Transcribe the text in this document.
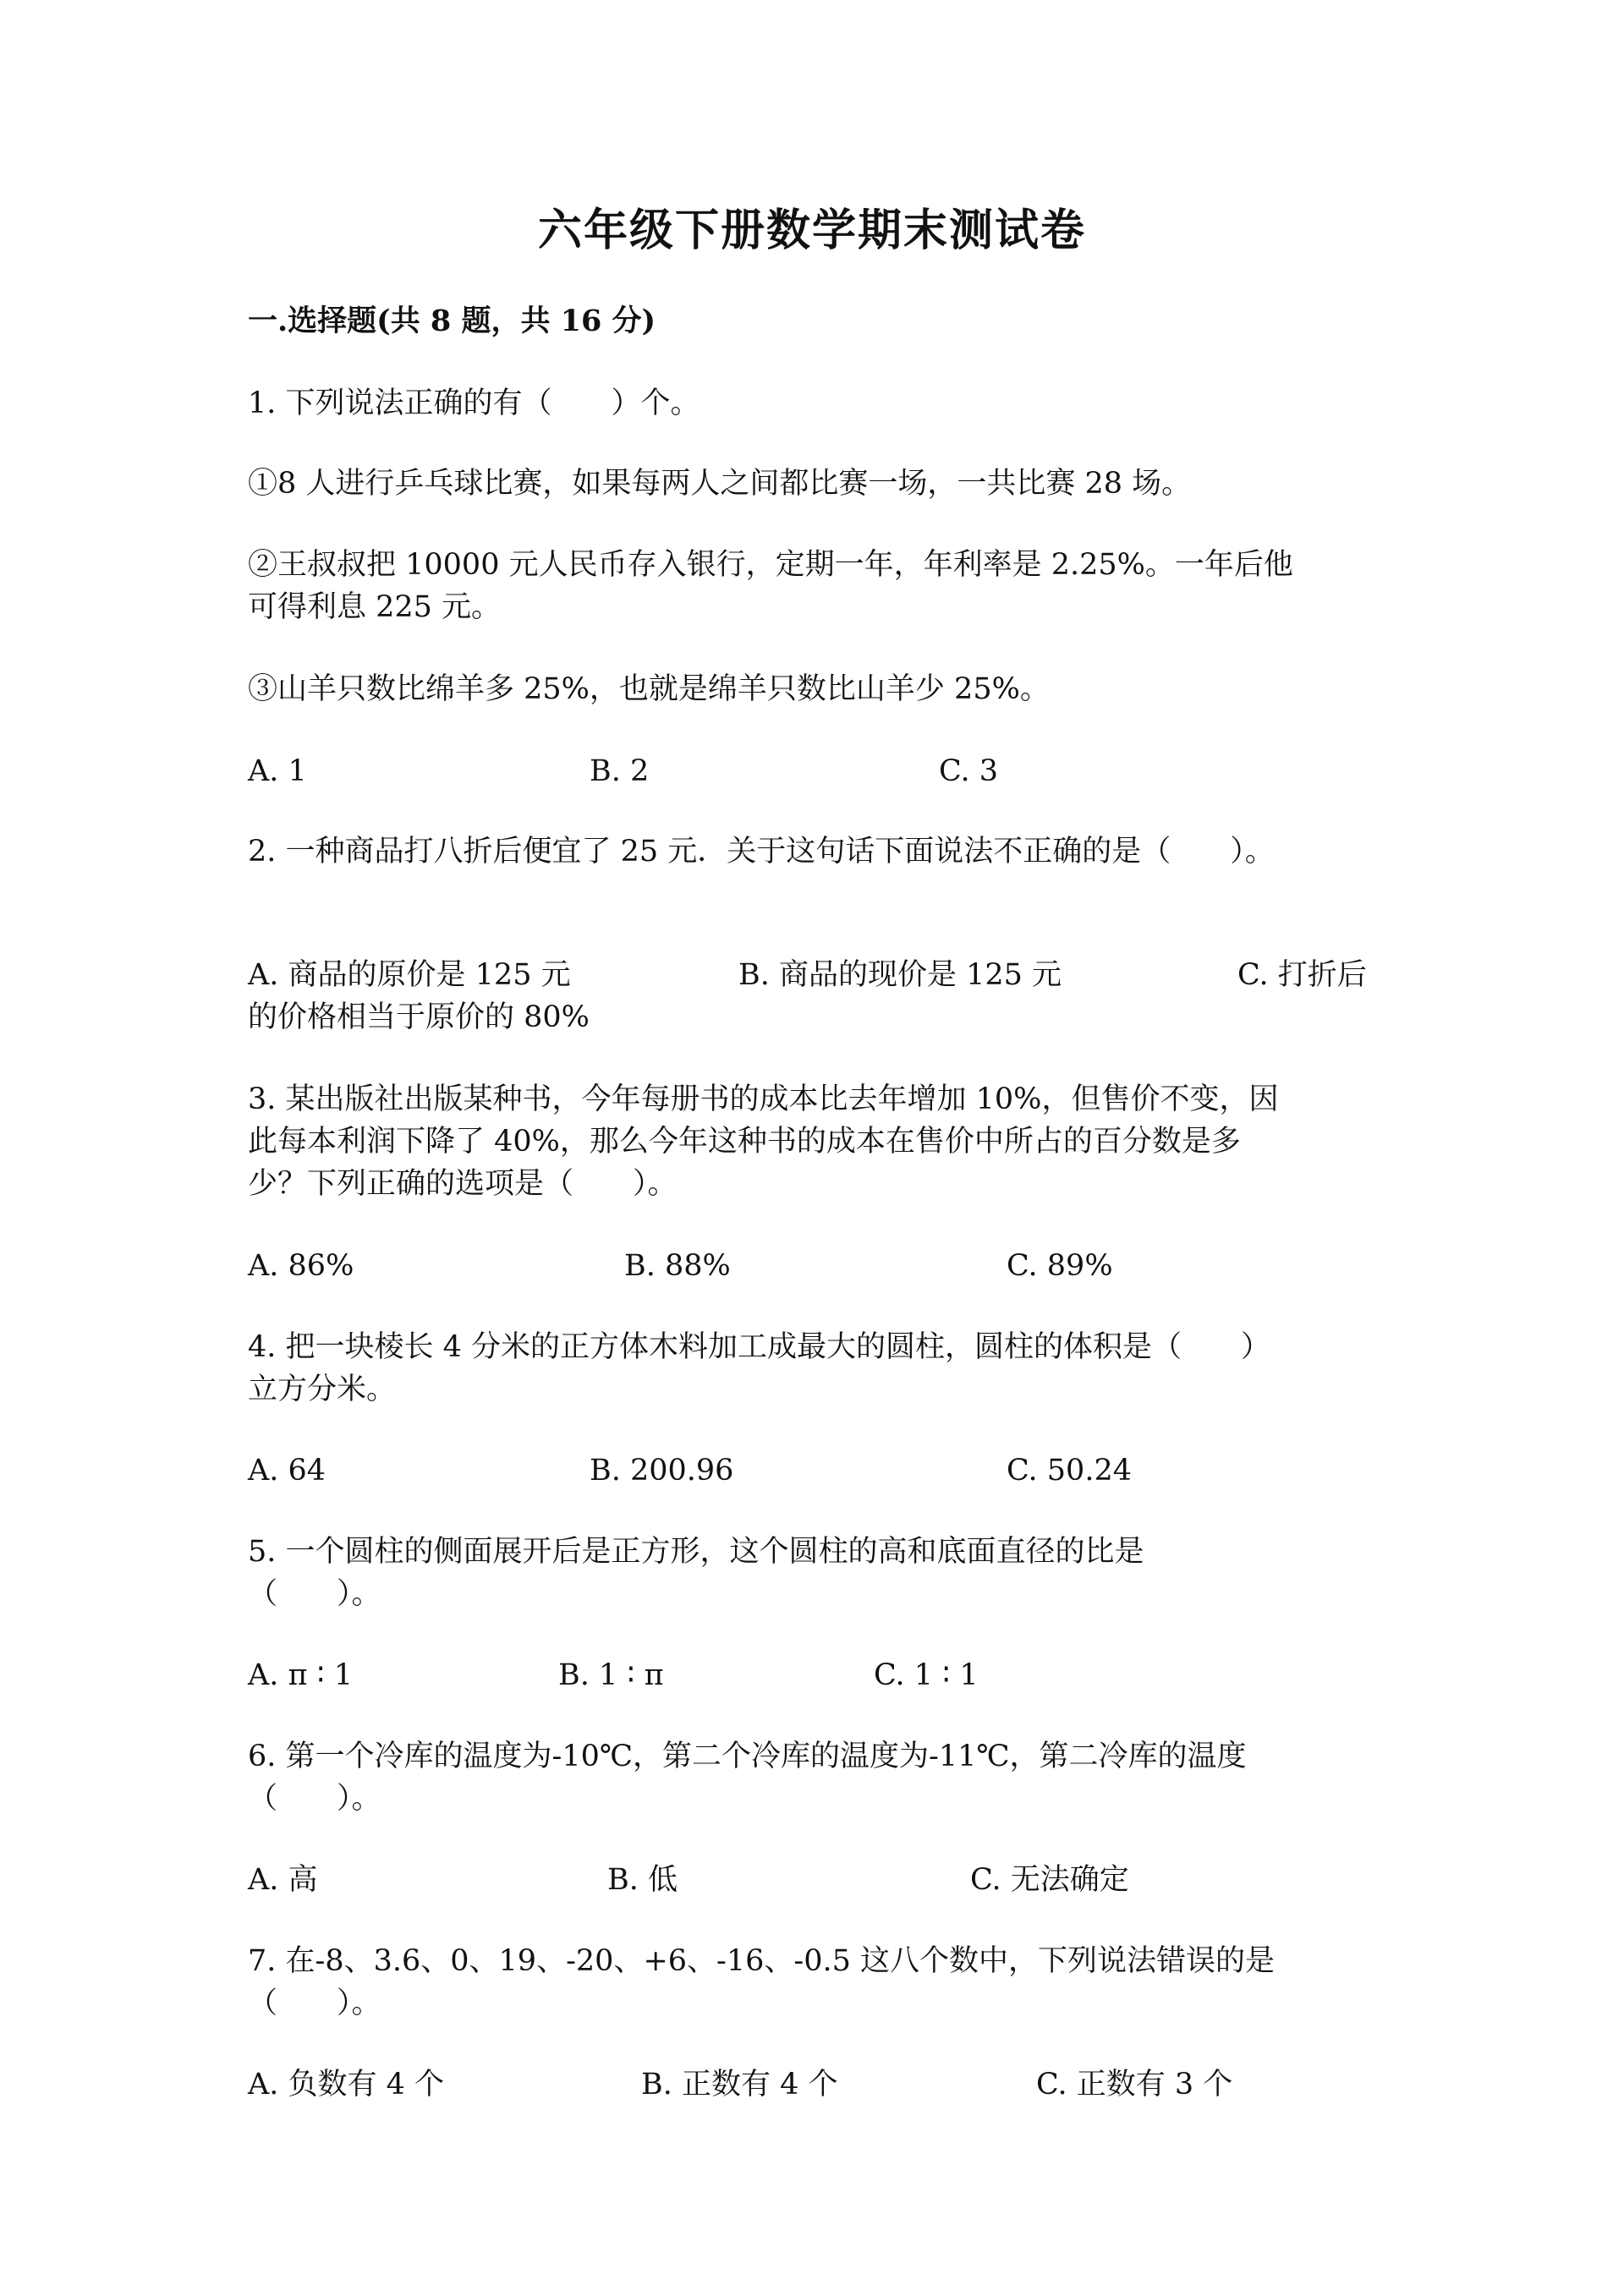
六年级下册数学期末测试卷
一.选择题(共 8 题，共 16 分)
1. 下列说法正确的有（　　）个。
①8 人进行乒乓球比赛，如果每两人之间都比赛一场，一共比赛 28 场。
②王叔叔把 10000 元人民币存入银行，定期一年，年利率是 2.25%。一年后他
可得利息 225 元。
③山羊只数比绵羊多 25%，也就是绵羊只数比山羊少 25%。
A. 1	B. 2	C. 3
2. 一种商品打八折后便宜了 25 元．关于这句话下面说法不正确的是（　　）。
A. 商品的原价是 125 元	B. 商品的现价是 125 元	C. 打折后
的价格相当于原价的 80%
3. 某出版社出版某种书，今年每册书的成本比去年增加 10%，但售价不变，因
此每本利润下降了 40%，那么今年这种书的成本在售价中所占的百分数是多
少？下列正确的选项是（　　）。
A. 86%	B. 88%	C. 89%
4. 把一块棱长 4 分米的正方体木料加工成最大的圆柱，圆柱的体积是（　　）
立方分米。
A. 64	B. 200.96	C. 50.24
5. 一个圆柱的侧面展开后是正方形，这个圆柱的高和底面直径的比是
（　　）。
A. π ∶ 1	B. 1 ∶ π	C. 1 ∶ 1
6. 第一个冷库的温度为-10℃，第二个冷库的温度为-11℃，第二冷库的温度
（　　）。
A. 高	B. 低	C. 无法确定
7. 在-8、3.6、0、19、-20、+6、-16、-0.5 这八个数中，下列说法错误的是
（　　）。
A. 负数有 4 个	B. 正数有 4 个	C. 正数有 3 个
